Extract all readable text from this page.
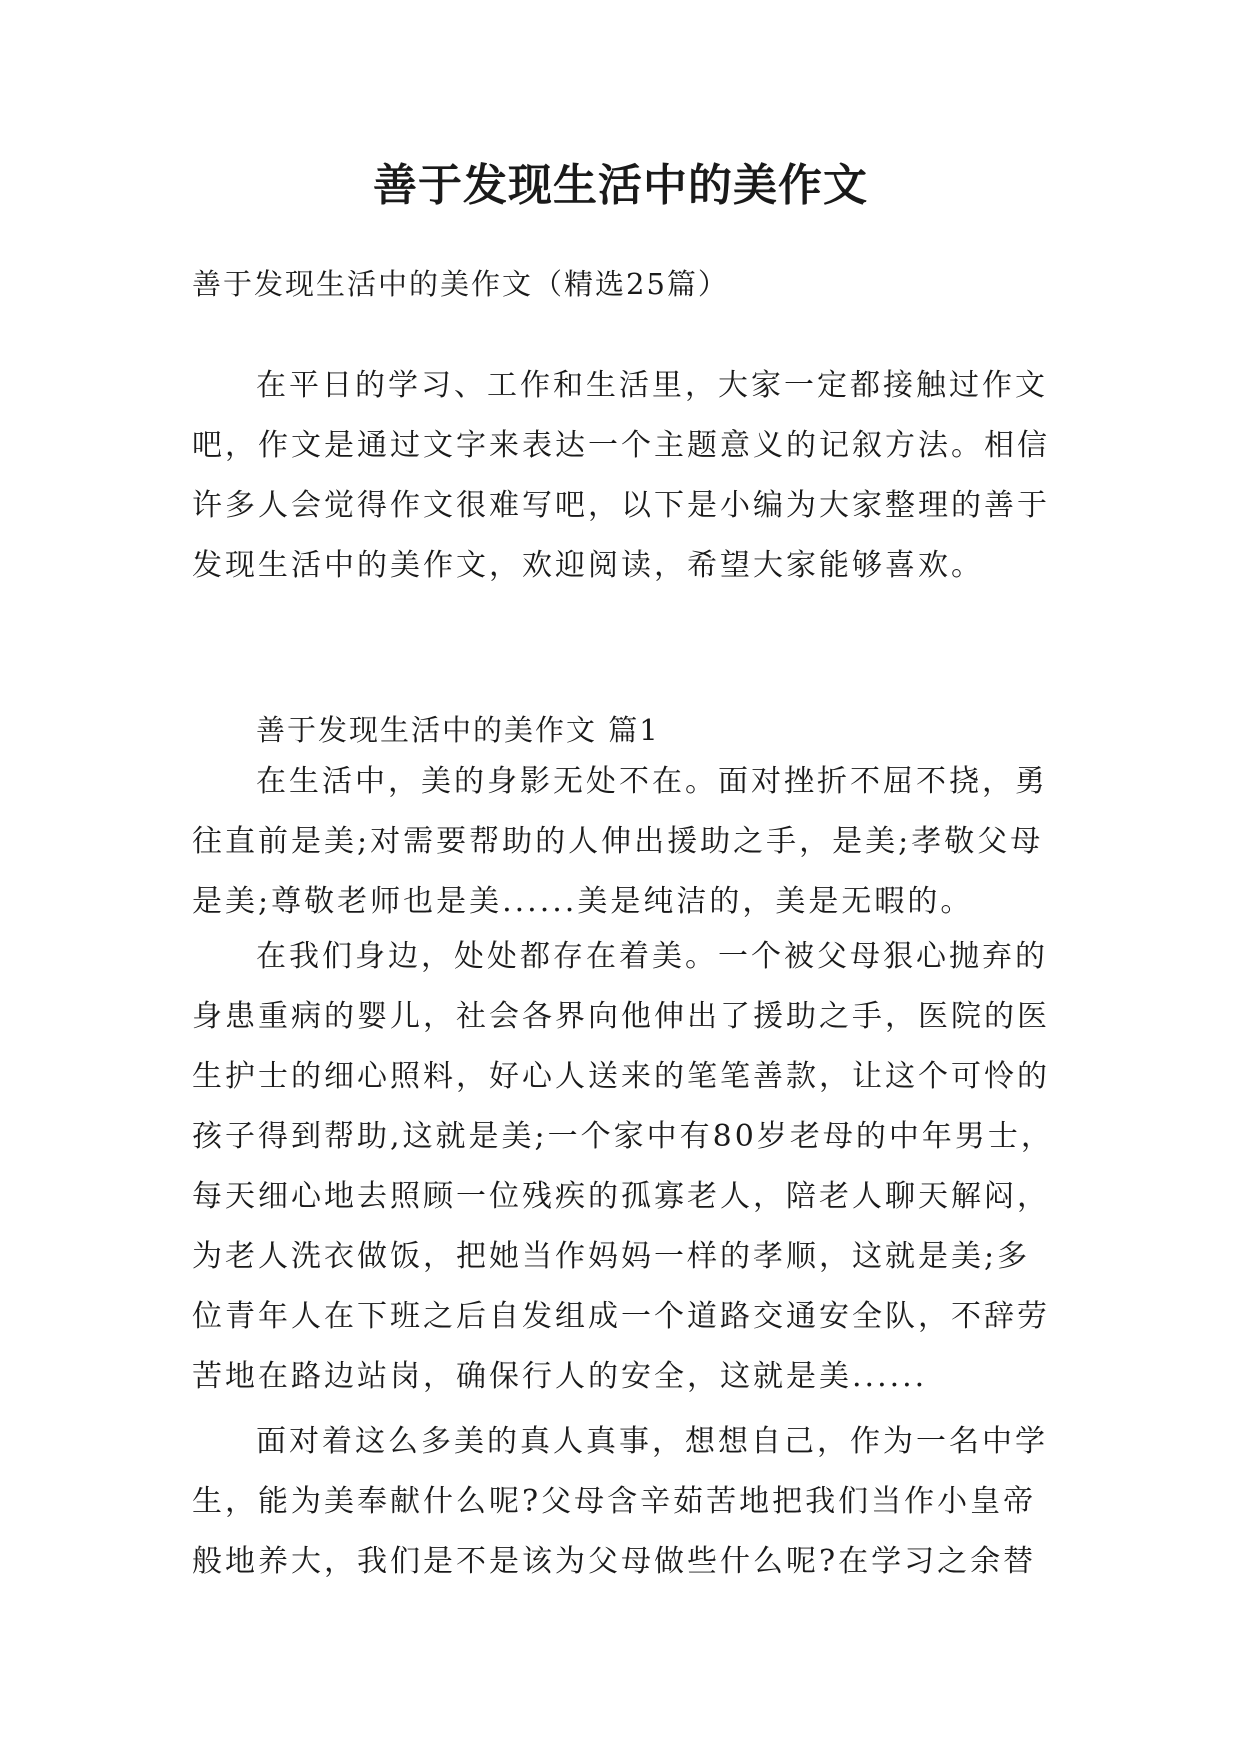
善于发现生活中的美作文
善于发现生活中的美作文（精选25篇）
在平日的学习、工作和生活里，大家一定都接触过作文
吧，作文是通过文字来表达一个主题意义的记叙方法。相信
许多人会觉得作文很难写吧，以下是小编为大家整理的善于
发现生活中的美作文，欢迎阅读，希望大家能够喜欢。
善于发现生活中的美作文 篇1
在生活中，美的身影无处不在。面对挫折不屈不挠，勇
往直前是美;对需要帮助的人伸出援助之手，是美;孝敬父母
是美;尊敬老师也是美......美是纯洁的，美是无暇的。
在我们身边，处处都存在着美。一个被父母狠心抛弃的
身患重病的婴儿，社会各界向他伸出了援助之手，医院的医
生护士的细心照料，好心人送来的笔笔善款，让这个可怜的
孩子得到帮助,这就是美;一个家中有80岁老母的中年男士，
每天细心地去照顾一位残疾的孤寡老人，陪老人聊天解闷，
为老人洗衣做饭，把她当作妈妈一样的孝顺，这就是美;多
位青年人在下班之后自发组成一个道路交通安全队，不辞劳
苦地在路边站岗，确保行人的安全，这就是美......
面对着这么多美的真人真事，想想自己，作为一名中学
生，能为美奉献什么呢?父母含辛茹苦地把我们当作小皇帝
般地养大，我们是不是该为父母做些什么呢?在学习之余替
